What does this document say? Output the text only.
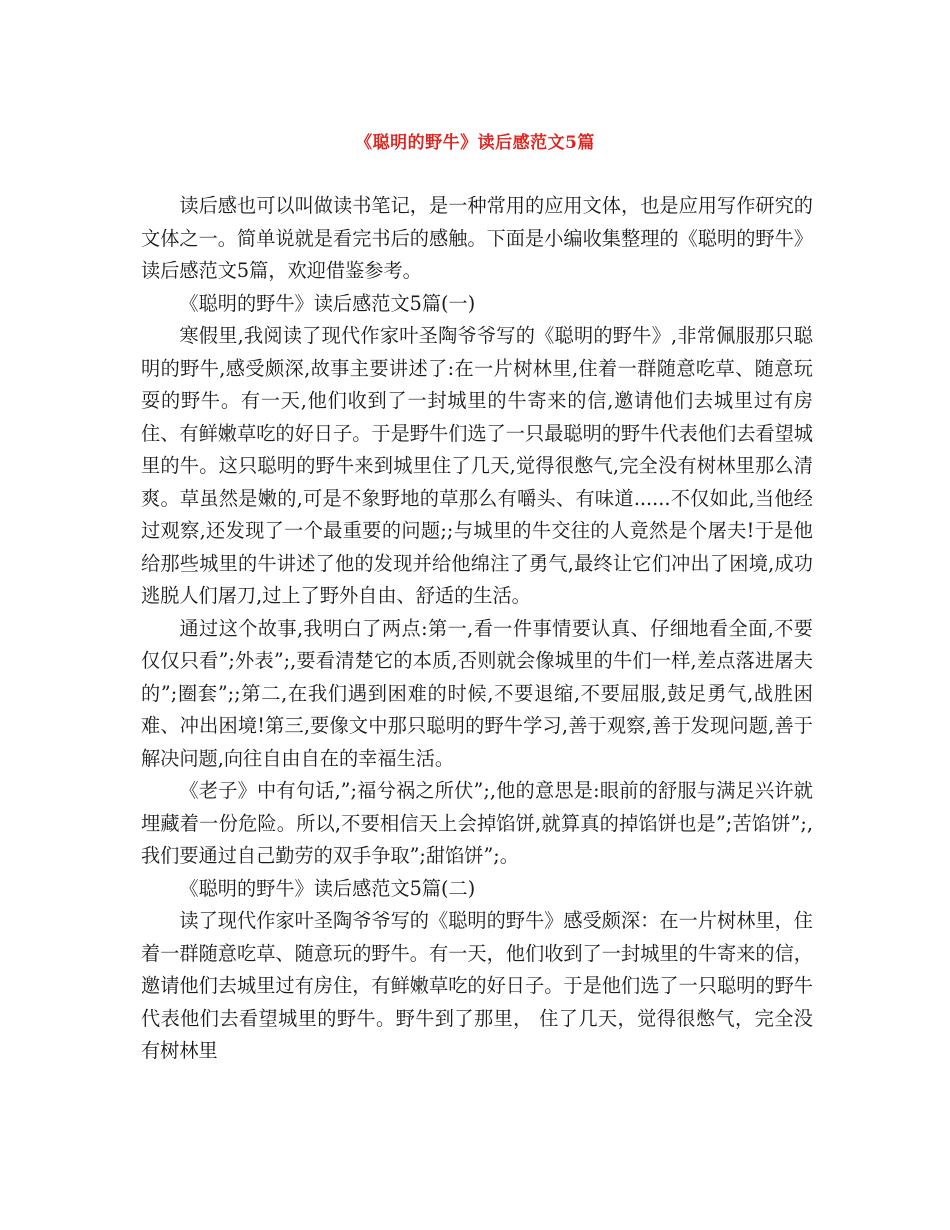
《聪明的野牛》读后感范文5篇

读后感也可以叫做读书笔记，是一种常用的应用文体，也是应用写作研究的文体之一。简单说就是看完书后的感触。下面是小编收集整理的《聪明的野牛》读后感范文5篇，欢迎借鉴参考。

《聪明的野牛》读后感范文5篇(一)

寒假里,我阅读了现代作家叶圣陶爷爷写的《聪明的野牛》,非常佩服那只聪明的野牛,感受颇深,故事主要讲述了:在一片树林里,住着一群随意吃草、随意玩耍的野牛。有一天,他们收到了一封城里的牛寄来的信,邀请他们去城里过有房住、有鲜嫩草吃的好日子。于是野牛们选了一只最聪明的野牛代表他们去看望城里的牛。这只聪明的野牛来到城里住了几天,觉得很憋气,完全没有树林里那么清爽。草虽然是嫩的,可是不象野地的草那么有嚼头、有味道......不仅如此,当他经过观察,还发现了一个最重要的问题;;与城里的牛交往的人竟然是个屠夫!于是他给那些城里的牛讲述了他的发现并给他绵注了勇气,最终让它们冲出了困境,成功逃脱人们屠刀,过上了野外自由、舒适的生活。

通过这个故事,我明白了两点:第一,看一件事情要认真、仔细地看全面,不要仅仅只看”;外表”;,要看清楚它的本质,否则就会像城里的牛们一样,差点落进屠夫的”;圈套”;;第二,在我们遇到困难的时候,不要退缩,不要屈服,鼓足勇气,战胜困难、冲出困境!第三,要像文中那只聪明的野牛学习,善于观察,善于发现问题,善于解决问题,向往自由自在的幸福生活。

《老子》中有句话,”;福兮祸之所伏”;,他的意思是:眼前的舒服与满足兴许就埋藏着一份危险。所以,不要相信天上会掉馅饼,就算真的掉馅饼也是”;苦馅饼”;,我们要通过自己勤劳的双手争取”;甜馅饼”;。

《聪明的野牛》读后感范文5篇(二)

读了现代作家叶圣陶爷爷写的《聪明的野牛》感受颇深：在一片树林里，住着一群随意吃草、随意玩的野牛。有一天，他们收到了一封城里的牛寄来的信，邀请他们去城里过有房住，有鲜嫩草吃的好日子。于是他们选了一只聪明的野牛代表他们去看望城里的野牛。野牛到了那里， 住了几天，觉得很憋气，完全没有树林里
